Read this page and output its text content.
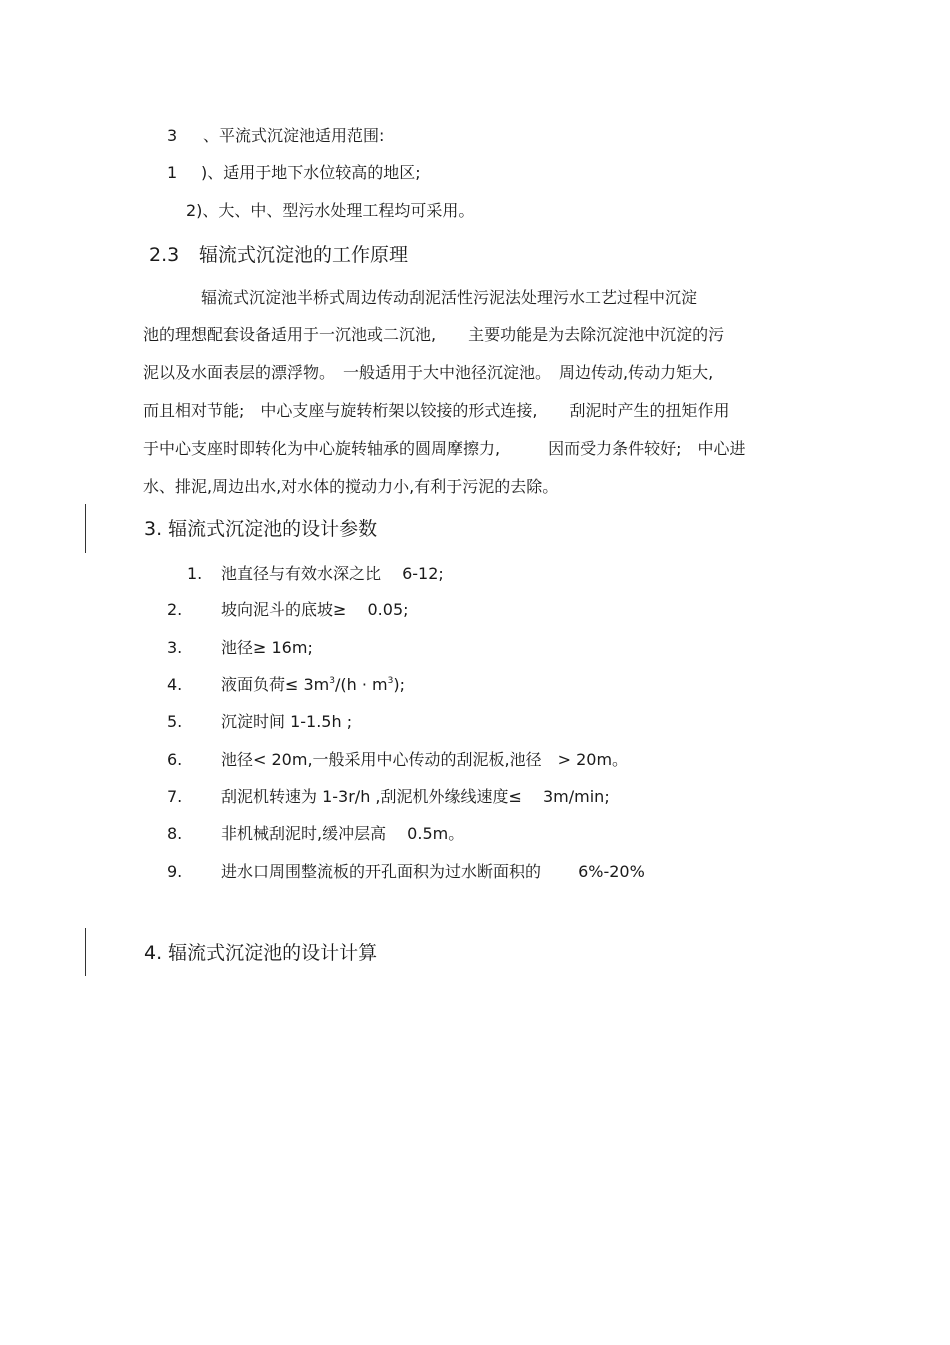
3 、平流式沉淀池适用范围:
1 )、适用于地下水位较高的地区;
2)、大、中、型污水处理工程均可采用。
2.3 辐流式沉淀池的工作原理
辐流式沉淀池半桥式周边传动刮泥活性污泥法处理污水工艺过程中沉淀
池的理想配套设备适用于一沉池或二沉池,　　主要功能是为去除沉淀池中沉淀的污
泥以及水面表层的漂浮物。　一般适用于大中池径沉淀池。　周边传动,传动力矩大,
而且相对节能;　中心支座与旋转桁架以铰接的形式连接,　　刮泥时产生的扭矩作用
于中心支座时即转化为中心旋转轴承的圆周摩擦力,　　　因而受力条件较好;　中心进
水、排泥,周边出水,对水体的搅动力小,有利于污泥的去除。
3. 辐流式沉淀池的设计参数
1. 池直径与有效水深之比　 6-12;
2. 坡向泥斗的底坡≥　 0.05;
3. 池径≥ 16m;
4. 液面负荷≤ $3m^3/(h \cdot m^3)$;
5. 沉淀时间 1-1.5h ;
6. 池径< 20m,一般采用中心传动的刮泥板,池径　> 20m。
7. 刮泥机转速为 1-3r/h ,刮泥机外缘线速度≤　 3m/min;
8. 非机械刮泥时,缓冲层高　 0.5m。
9. 进水口周围整流板的开孔面积为过水断面积的　　 6%-20%
4. 辐流式沉淀池的设计计算
